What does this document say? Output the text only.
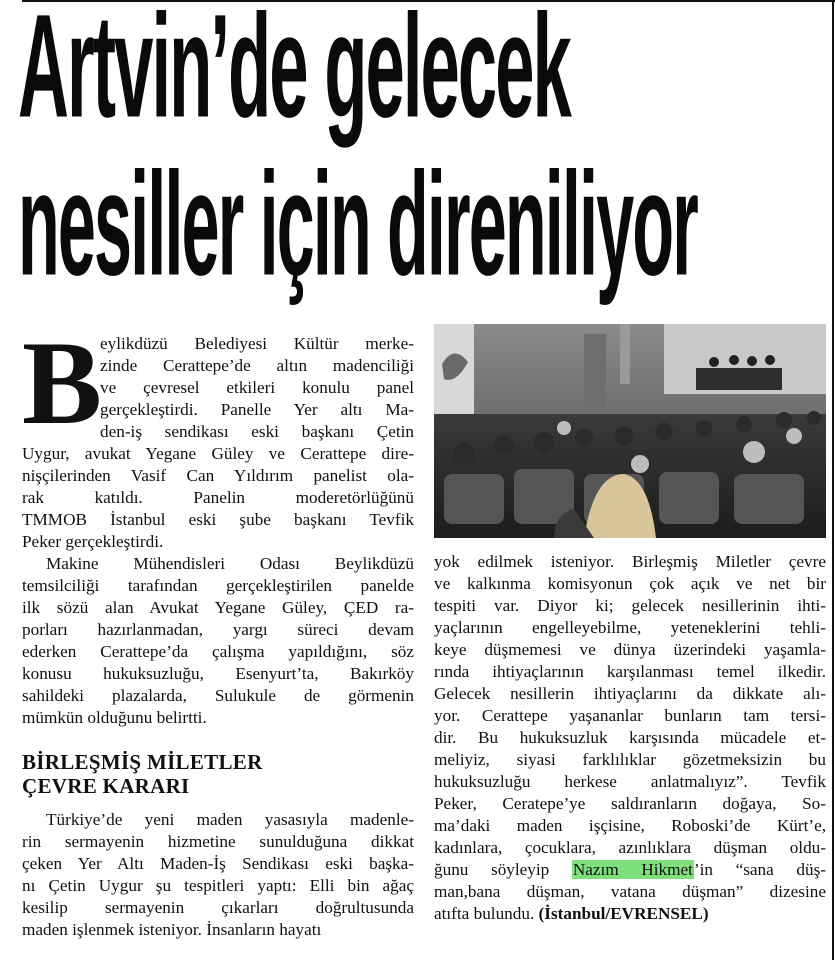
Artvin’de gelecek
nesiller için direniliyor
B
eylikdüzü Belediyesi Kültür merke-
zinde Cerattepe’de altın madenciliği
ve çevresel etkileri konulu panel
gerçekleştirdi. Panelle Yer altı Ma-
den-iş sendikası eski başkanı Çetin
Uygur, avukat Yegane Güley ve Cerattepe dire-
nişçilerinden Vasif Can Yıldırım panelist ola-
rak katıldı. Panelin moderetörlüğünü
TMMOB İstanbul eski şube başkanı Tevfik
Peker gerçekleştirdi.
Makine Mühendisleri Odası Beylikdüzü
temsilciliği tarafından gerçekleştirilen panelde
ilk sözü alan Avukat Yegane Güley, ÇED ra-
porları hazırlanmadan, yargı süreci devam
ederken Cerattepe’da çalışma yapıldığını, söz
konusu hukuksuzluğu, Esenyurt’ta, Bakırköy
sahildeki plazalarda, Sulukule de görmenin
mümkün olduğunu belirtti.
BİRLEŞMİŞ MİLETLER
ÇEVRE KARARI
Türkiye’de yeni maden yasasıyla madenle-
rin sermayenin hizmetine sunulduğuna dikkat
çeken Yer Altı Maden-İş Sendikası eski başka-
nı Çetin Uygur şu tespitleri yaptı: Elli bin ağaç
kesilip sermayenin çıkarları doğrultusunda
maden işlenmek isteniyor. İnsanların hayatı
yok edilmek isteniyor. Birleşmiş Miletler çevre
ve kalkınma komisyonun çok açık ve net bir
tespiti var. Diyor ki; gelecek nesillerinin ihti-
yaçlarının engelleyebilme, yeteneklerini tehli-
keye düşmemesi ve dünya üzerindeki yaşamla-
rında ihtiyaçlarının karşılanması temel ilkedir.
Gelecek nesillerin ihtiyaçlarını da dikkate alı-
yor. Cerattepe yaşananlar bunların tam tersi-
dir. Bu hukuksuzluk karşısında mücadele et-
meliyiz, siyasi farklılıklar gözetmeksizin bu
hukuksuzluğu herkese anlatmalıyız”. Tevfik
Peker, Ceratepe’ye saldıranların doğaya, So-
ma’daki maden işçisine, Roboski’de Kürt’e,
kadınlara, çocuklara, azınlıklara düşman oldu-
ğunu söyleyip Nazım Hikmet’in “sana düş-
man,bana düşman, vatana düşman” dizesine
atıfta bulundu. (İstanbul/EVRENSEL)
